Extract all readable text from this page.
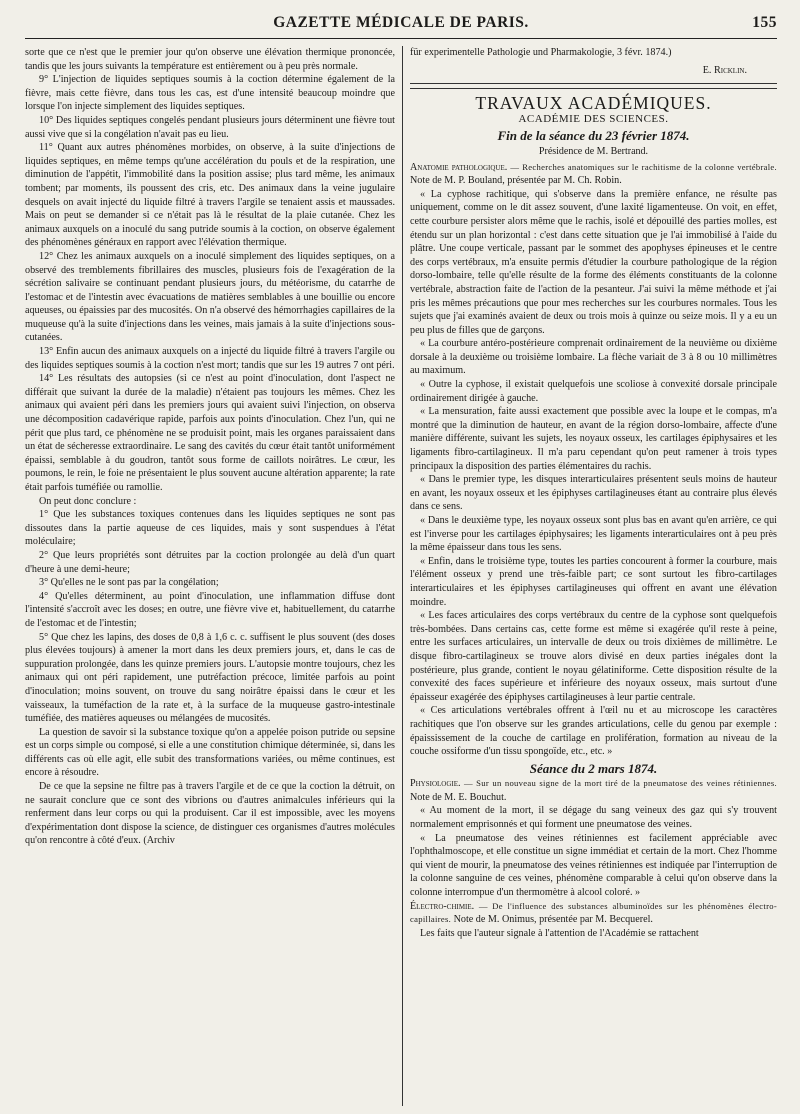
GAZETTE MÉDICALE DE PARIS.	155

sorte que ce n'est que le premier jour qu'on observe une élévation thermique prononcée, tandis que les jours suivants la température est entièrement ou à peu près normale.

9° L'injection de liquides septiques soumis à la coction détermine également de la fièvre, mais cette fièvre, dans tous les cas, est d'une intensité beaucoup moindre que lorsque l'on injecte simplement des liquides septiques.

10° Des liquides septiques congelés pendant plusieurs jours déterminent une fièvre tout aussi vive que si la congélation n'avait pas eu lieu.

11° Quant aux autres phénomènes morbides, on observe, à la suite d'injections de liquides septiques, en même temps qu'une accélération du pouls et de la respiration, une diminution de l'appétit, l'immobilité dans la position assise; plus tard même, les animaux tombent; par moments, ils poussent des cris, etc. Des animaux dans la veine jugulaire desquels on avait injecté du liquide filtré à travers l'argile se tenaient assis et maussades. Mais on peut se demander si ce n'était pas là le résultat de la plaie cutanée. Chez les animaux auxquels on a inoculé du sang putride soumis à la coction, on observe également des phénomènes généraux en rapport avec l'élévation thermique.

12° Chez les animaux auxquels on a inoculé simplement des liquides septiques, on a observé des tremblements fibrillaires des muscles, plusieurs fois de l'exagération de la sécrétion salivaire se continuant pendant plusieurs jours, du météorisme, du catarrhe de l'estomac et de l'intestin avec évacuations de matières semblables à une bouillie ou encore aqueuses, ou épaissies par des mucosités. On n'a observé des hémorrhagies capillaires de la muqueuse qu'à la suite d'injections dans les veines, mais jamais à la suite d'injections sous-cutanées.

13° Enfin aucun des animaux auxquels on a injecté du liquide filtré à travers l'argile ou des liquides septiques soumis à la coction n'est mort; tandis que sur les 19 autres 7 ont péri.

14° Les résultats des autopsies (si ce n'est au point d'inoculation, dont l'aspect ne différait que suivant la durée de la maladie) n'étaient pas toujours les mêmes. Chez les animaux qui avaient péri dans les premiers jours qui avaient suivi l'injection, on observa une décomposition cadavérique rapide, parfois aux points d'inoculation. Chez l'un, qui ne périt que plus tard, ce phénomène ne se produisit point, mais les organes paraissaient dans un état de sécheresse extraordinaire. Le sang des cavités du cœur était tantôt uniformément épaissi, semblable à du goudron, tantôt sous forme de caillots noirâtres. Le cœur, les poumons, le rein, le foie ne présentaient le plus souvent aucune altération apparente; la rate était parfois tuméfiée ou ramollie.

On peut donc conclure :

1° Que les substances toxiques contenues dans les liquides septiques ne sont pas dissoutes dans la partie aqueuse de ces liquides, mais y sont suspendues à l'état moléculaire;

2° Que leurs propriétés sont détruites par la coction prolongée au delà d'un quart d'heure à une demi-heure;

3° Qu'elles ne le sont pas par la congélation;

4° Qu'elles déterminent, au point d'inoculation, une inflammation diffuse dont l'intensité s'accroît avec les doses; en outre, une fièvre vive et, habituellement, du catarrhe de l'estomac et de l'intestin;

5° Que chez les lapins, des doses de 0,8 à 1,6 c. c. suffisent le plus souvent (des doses plus élevées toujours) à amener la mort dans les deux premiers jours, et, dans le cas de suppuration prolongée, dans les quinze premiers jours. L'autopsie montre toujours, chez les animaux qui ont péri rapidement, une putréfaction précoce, limitée parfois au point d'inoculation; moins souvent, on trouve du sang noirâtre épaissi dans le cœur et les vaisseaux, la tuméfaction de la rate et, à la surface de la muqueuse gastro-intestinale tuméfiée, des matières aqueuses ou mélangées de mucosités.

La question de savoir si la substance toxique qu'on a appelée poison putride ou sepsine est un corps simple ou composé, si elle a une constitution chimique déterminée, si, dans les différents cas où elle agit, elle subit des transformations variées, ou même continues, est encore à résoudre.

De ce que la sepsine ne filtre pas à travers l'argile et de ce que la coction la détruit, on ne saurait conclure que ce sont des vibrions ou d'autres animalcules inférieurs qui la renferment dans leur corps ou qui la produisent. Car il est impossible, avec les moyens d'expérimentation dont dispose la science, de distinguer ces organismes d'autres molécules qu'on rencontre à côté d'eux. (Archiv

für experimentelle Pathologie und Pharmakologie, 3 févr. 1874.)

E. Ricklin.
TRAVAUX ACADÉMIQUES.
ACADÉMIE DES SCIENCES.
Fin de la séance du 23 février 1874.
Présidence de M. Bertrand.

Anatomie pathologique. — Recherches anatomiques sur le rachitisme de la colonne vertébrale. Note de M. P. Bouland, présentée par M. Ch. Robin.

« La cyphose rachitique, qui s'observe dans la première enfance, ne résulte pas uniquement, comme on le dit assez souvent, d'une laxité ligamenteuse. On voit, en effet, cette courbure persister alors même que le rachis, isolé et dépouillé des parties molles, est étendu sur un plan horizontal : c'est dans cette situation que je l'ai immobilisé à l'aide du plâtre. Une coupe verticale, passant par le sommet des apophyses épineuses et le centre des corps vertébraux, m'a ensuite permis d'étudier la courbure pathologique de la région dorso-lombaire, telle qu'elle résulte de la forme des éléments constituants de la colonne vertébrale, abstraction faite de l'action de la pesanteur. J'ai suivi la même méthode et j'ai pris les mêmes précautions que pour mes recherches sur les courbures normales. Tous les sujets que j'ai examinés avaient de deux ou trois mois à quinze ou seize mois. Il y a eu un peu plus de filles que de garçons.

« La courbure antéro-postérieure comprenait ordinairement de la neuvième ou dixième dorsale à la deuxième ou troisième lombaire. La flèche variait de 3 à 8 ou 10 millimètres au maximum.

« Outre la cyphose, il existait quelquefois une scoliose à convexité dorsale principale ordinairement dirigée à gauche.

« La mensuration, faite aussi exactement que possible avec la loupe et le compas, m'a montré que la diminution de hauteur, en avant de la région dorso-lombaire, affecte d'une manière différente, suivant les sujets, les noyaux osseux, les cartilages épiphysaires et les ligaments fibro-cartilagineux. Il m'a paru cependant qu'on peut ramener à trois types principaux la disposition des parties élémentaires du rachis.

« Dans le premier type, les disques interarticulaires présentent seuls moins de hauteur en avant, les noyaux osseux et les épiphyses cartilagineuses étant au contraire plus élevés dans ce sens.

« Dans le deuxième type, les noyaux osseux sont plus bas en avant qu'en arrière, ce qui est l'inverse pour les cartilages épiphysaires; les ligaments interarticulaires ont à peu près la même épaisseur dans tous les sens.

« Enfin, dans le troisième type, toutes les parties concourent à former la courbure, mais l'élément osseux y prend une très-faible part; ce sont surtout les fibro-cartilages interarticulaires et les épiphyses cartilagineuses qui offrent en avant une élévation moindre.

« Les faces articulaires des corps vertébraux du centre de la cyphose sont quelquefois très-bombées. Dans certains cas, cette forme est même si exagérée qu'il reste à peine, entre les surfaces articulaires, un intervalle de deux ou trois dixièmes de millimètre. Le disque fibro-cartilagineux se trouve alors divisé en deux parties inégales dont la postérieure, plus grande, contient le noyau gélatiniforme. Cette disposition résulte de la convexité des faces supérieure et inférieure des noyaux osseux, mais surtout d'une épaisseur exagérée des épiphyses cartilagineuses à leur partie centrale.

« Ces articulations vertébrales offrent à l'œil nu et au microscope les caractères rachitiques que l'on observe sur les grandes articulations, celle du genou par exemple : épaississement de la couche de cartilage en prolifération, formation au niveau de la couche ossiforme d'un tissu spongoïde, etc., etc. »

Séance du 2 mars 1874.

Physiologie. — Sur un nouveau signe de la mort tiré de la pneumatose des veines rétiniennes. Note de M. E. Bouchut.

« Au moment de la mort, il se dégage du sang veineux des gaz qui s'y trouvent normalement emprisonnés et qui forment une pneumatose des veines.

« La pneumatose des veines rétiniennes est facilement appréciable avec l'ophthalmoscope, et elle constitue un signe immédiat et certain de la mort. Chez l'homme qui vient de mourir, la pneumatose des veines rétiniennes est indiquée par l'interruption de la colonne sanguine de ces veines, phénomène comparable à celui qu'on observe dans la colonne interrompue d'un thermomètre à alcool coloré. »

Électro-chimie. — De l'influence des substances albuminoïdes sur les phénomènes électro-capillaires. Note de M. Onimus, présentée par M. Becquerel.

Les faits que l'auteur signale à l'attention de l'Académie se rattachent
